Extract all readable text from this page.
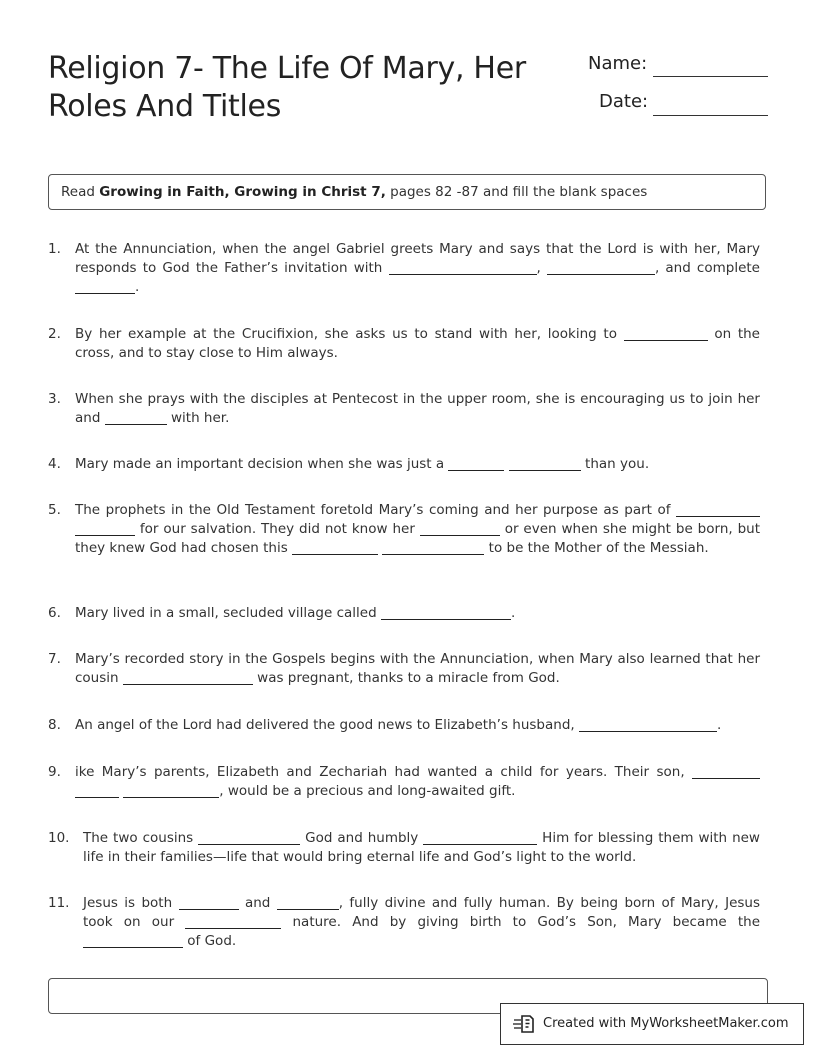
Religion 7- The Life Of Mary, Her Roles And Titles
Name:
Date:
Read Growing in Faith, Growing in Christ 7, pages 82 -87 and fill the blank spaces
1. At the Annunciation, when the angel Gabriel greets Mary and says that the Lord is with her, Mary responds to God the Father’s invitation with	,	, and complete .
2. By her example at the Crucifixion, she asks us to stand with her, looking to	on the cross, and to stay close to Him always.
3. When she prays with the disciples at Pentecost in the upper room, she is encouraging us to join her and	with her.
4. Mary made an important decision when she was just a	than you.
5. The prophets in the Old Testament foretold Mary’s coming and her purpose as part of   for our salvation. They did not know her	or even when she might be born, but they knew God had chosen this	to be the Mother of the Messiah.
6. Mary lived in a small, secluded village called	.
7. Mary’s recorded story in the Gospels begins with the Annunciation, when Mary also learned that her cousin	was pregnant, thanks to a miracle from God.
8. An angel of the Lord had delivered the good news to Elizabeth’s husband,	.
9. ike Mary’s parents, Elizabeth and Zechariah had wanted a child for years. Their son,   , would be a precious and long-awaited gift.
10. The two cousins	God and humbly	Him for blessing them with new life in their families—life that would bring eternal life and God’s light to the world.
11. Jesus is both	and	, fully divine and fully human. By being born of Mary, Jesus took on our	nature. And by giving birth to God’s Son, Mary became the  of God.
Created with MyWorksheetMaker.com
